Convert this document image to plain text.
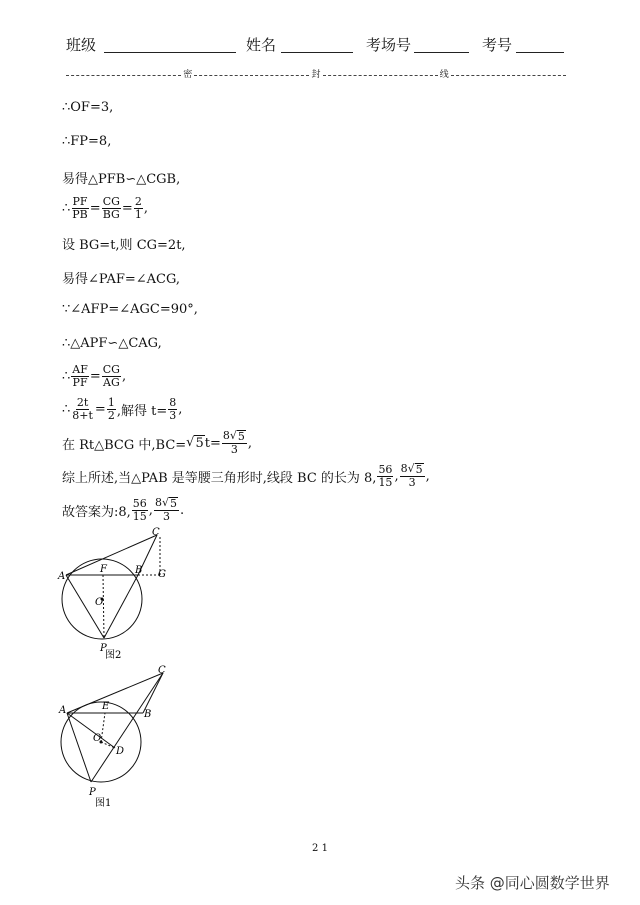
班级	姓名	考场号	考号
密	封	线
∴OF=3,
∴FP=8,
易得△PFB∽△CGB,
∴ $\frac{PF}{PB} = \frac{CG}{BG} = \frac{2}{1}$ ,
设 BG=t,则 CG=2t,
易得∠PAF=∠ACG,
∵∠AFP=∠AGC=90°,
∴△APF∽△CAG,
∴ $\frac{AF}{PF} = \frac{CG}{AG}$ ,
∴ $\frac{2t}{8+t} = \frac{1}{2}$ ,解得 $t= \frac{8}{3}$ ,
在 Rt△BCG 中,BC= √ 5 $t= \frac{8√ 5}{3}$ ,
综上所述,当△PAB 是等腰三角形时,线段 BC 的长为 8, $\frac{56}{15}$ , $\frac{8√ 5}{3}$ ,
故答案为:8, $\frac{56}{15}$ , $\frac{8√ 5}{3}$ .
A
F	B
C
G
O
P
图2
A	E
B
C
O
D
P
图1
2 1
头条 @同心圆数学世界
